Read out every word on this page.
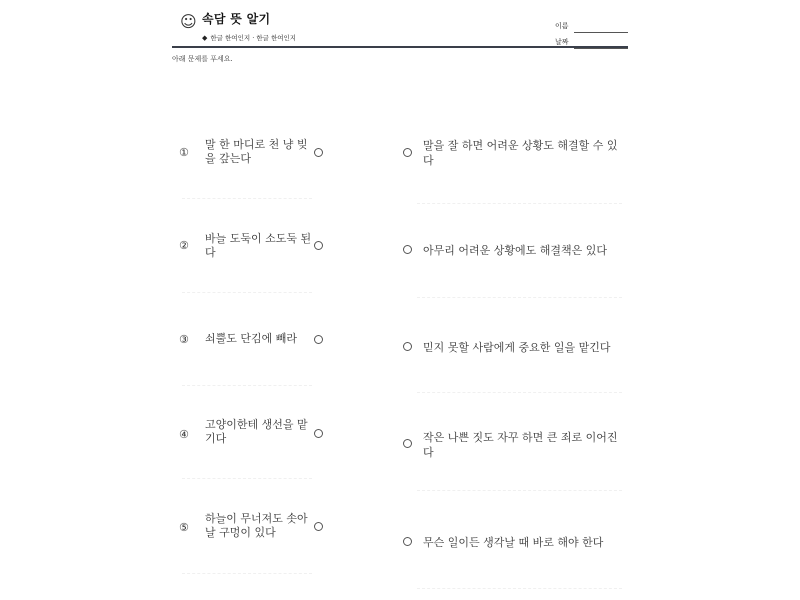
☺ 속담 뜻 알기
◆ 한글 한여인지 · 한글 한여인지
이름
날짜
아래 문제를 푸세요.
①
말 한 마디로 천 냥 빚을 갚는다
말을 잘 하면 어려운 상황도 해결할 수 있다
②
바늘 도둑이 소도둑 된다	아무리 어려운 상황에도 해결책은 있다
③ 쇠뿔도 단김에 빼라
믿지 못할 사람에게 중요한 일을 맡긴다
④
고양이한테 생선을 맡기다	작은 나쁜 짓도 자꾸 하면 큰 죄로 이어진다
⑤
하늘이 무너져도 솟아날 구멍이 있다
무슨 일이든 생각날 때 바로 해야 한다
